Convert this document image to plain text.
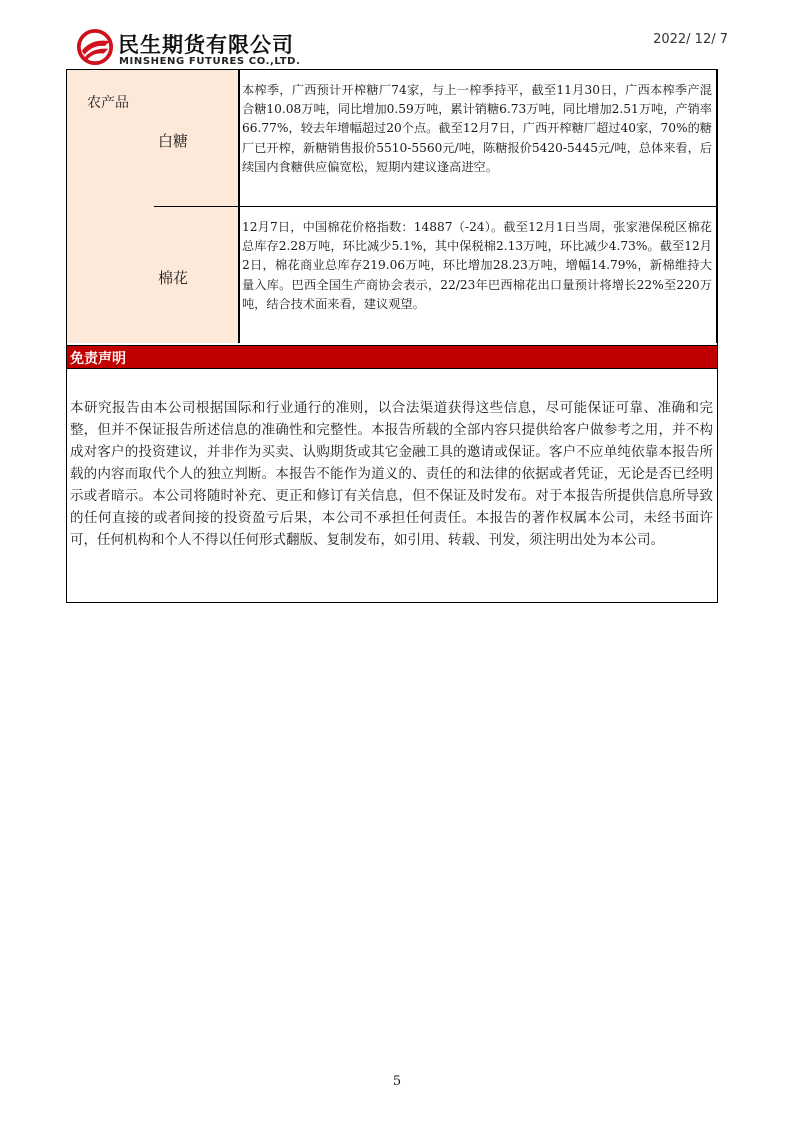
民生期货有限公司
MINSHENG FUTURES CO.,LTD.
2022/ 12/ 7
农产品
白糖
本榨季，广西预计开榨糖厂74家，与上一榨季持平，截至11月30日，广西本榨季产混合糖10.08万吨，同比增加0.59万吨，累计销糖6.73万吨，同比增加2.51万吨，产销率66.77%，较去年增幅超过20个点。截至12月7日，广西开榨糖厂超过40家，70%的糖厂已开榨，新糖销售报价5510-5560元/吨，陈糖报价5420-5445元/吨，总体来看，后续国内食糖供应偏宽松，短期内建议逢高进空。
棉花
12月7日，中国棉花价格指数：14887（-24）。截至12月1日当周，张家港保税区棉花总库存2.28万吨，环比减少5.1%，其中保税棉2.13万吨，环比减少4.73%。截至12月2日，棉花商业总库存219.06万吨，环比增加28.23万吨，增幅14.79%，新棉维持大量入库。巴西全国生产商协会表示，22/23年巴西棉花出口量预计将增长22%至220万吨，结合技术面来看，建议观望。
免责声明
本研究报告由本公司根据国际和行业通行的准则，以合法渠道获得这些信息，尽可能保证可靠、准确和完整，但并不保证报告所述信息的准确性和完整性。本报告所载的全部内容只提供给客户做参考之用，并不构成对客户的投资建议，并非作为买卖、认购期货或其它金融工具的邀请或保证。客户不应单纯依靠本报告所载的内容而取代个人的独立判断。本报告不能作为道义的、责任的和法律的依据或者凭证，无论是否已经明示或者暗示。本公司将随时补充、更正和修订有关信息，但不保证及时发布。对于本报告所提供信息所导致的任何直接的或者间接的投资盈亏后果，本公司不承担任何责任。本报告的著作权属本公司，未经书面许可，任何机构和个人不得以任何形式翻版、复制发布，如引用、转载、刊发，须注明出处为本公司。
5
